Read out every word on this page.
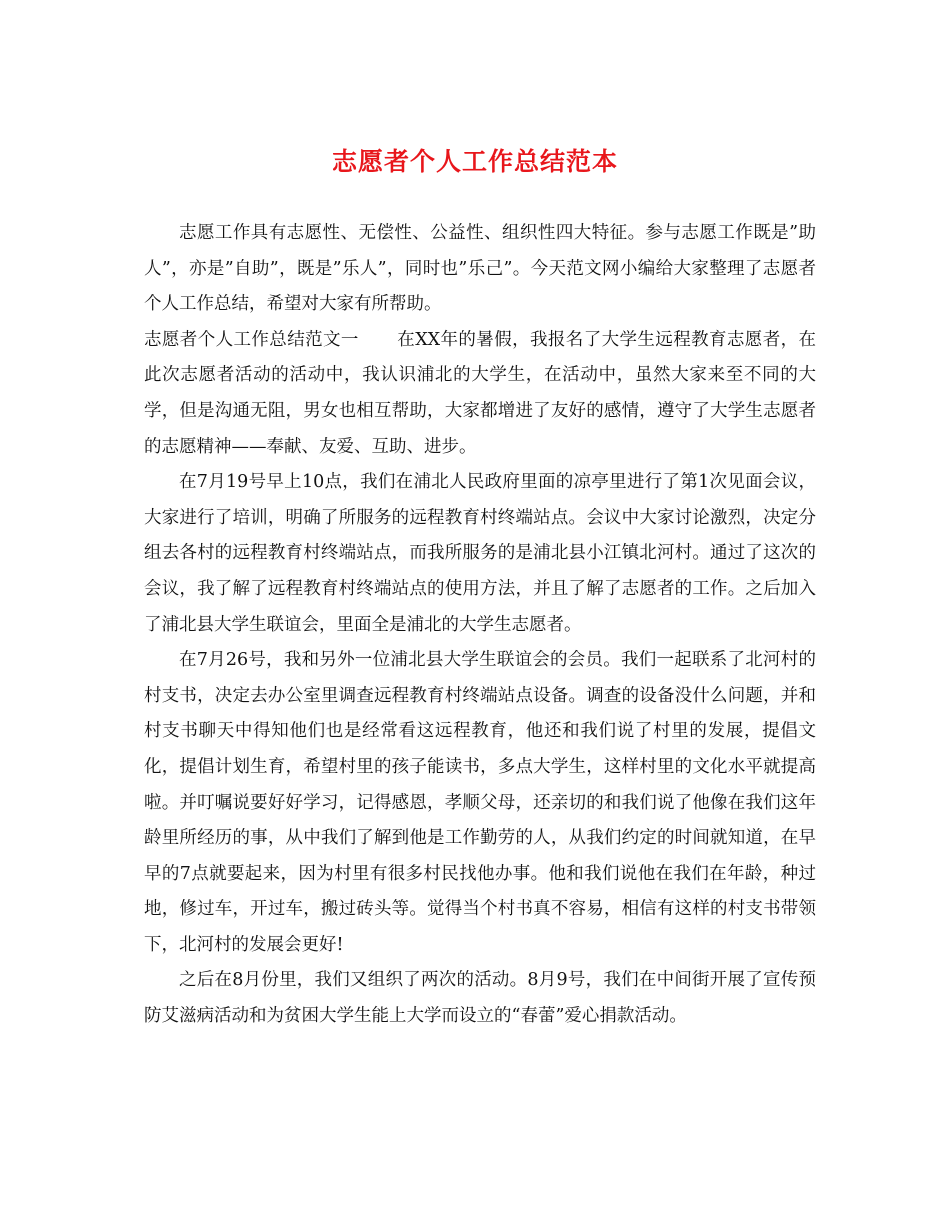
志愿者个人工作总结范本

志愿工作具有志愿性、无偿性、公益性、组织性四大特征。参与志愿工作既是”助人”，亦是”自助”，既是”乐人”，同时也”乐己”。今天范文网小编给大家整理了志愿者个人工作总结，希望对大家有所帮助。

志愿者个人工作总结范文一 在XX年的暑假，我报名了大学生远程教育志愿者，在此次志愿者活动的活动中，我认识浦北的大学生，在活动中，虽然大家来至不同的大学，但是沟通无阻，男女也相互帮助，大家都增进了友好的感情，遵守了大学生志愿者的志愿精神——奉献、友爱、互助、进步。

在7月19号早上10点，我们在浦北人民政府里面的凉亭里进行了第1次见面会议，大家进行了培训，明确了所服务的远程教育村终端站点。会议中大家讨论激烈，决定分组去各村的远程教育村终端站点，而我所服务的是浦北县小江镇北河村。通过了这次的会议，我了解了远程教育村终端站点的使用方法，并且了解了志愿者的工作。之后加入了浦北县大学生联谊会，里面全是浦北的大学生志愿者。

在7月26号，我和另外一位浦北县大学生联谊会的会员。我们一起联系了北河村的村支书，决定去办公室里调查远程教育村终端站点设备。调查的设备没什么问题，并和村支书聊天中得知他们也是经常看这远程教育，他还和我们说了村里的发展，提倡文化，提倡计划生育，希望村里的孩子能读书，多点大学生，这样村里的文化水平就提高啦。并叮嘱说要好好学习，记得感恩，孝顺父母，还亲切的和我们说了他像在我们这年龄里所经历的事，从中我们了解到他是工作勤劳的人，从我们约定的时间就知道，在早早的7点就要起来，因为村里有很多村民找他办事。他和我们说他在我们在年龄，种过地，修过车，开过车，搬过砖头等。觉得当个村书真不容易，相信有这样的村支书带领下，北河村的发展会更好!

之后在8月份里，我们又组织了两次的活动。8月9号，我们在中间街开展了宣传预防艾滋病活动和为贫困大学生能上大学而设立的“春蕾”爱心捐款活动。
